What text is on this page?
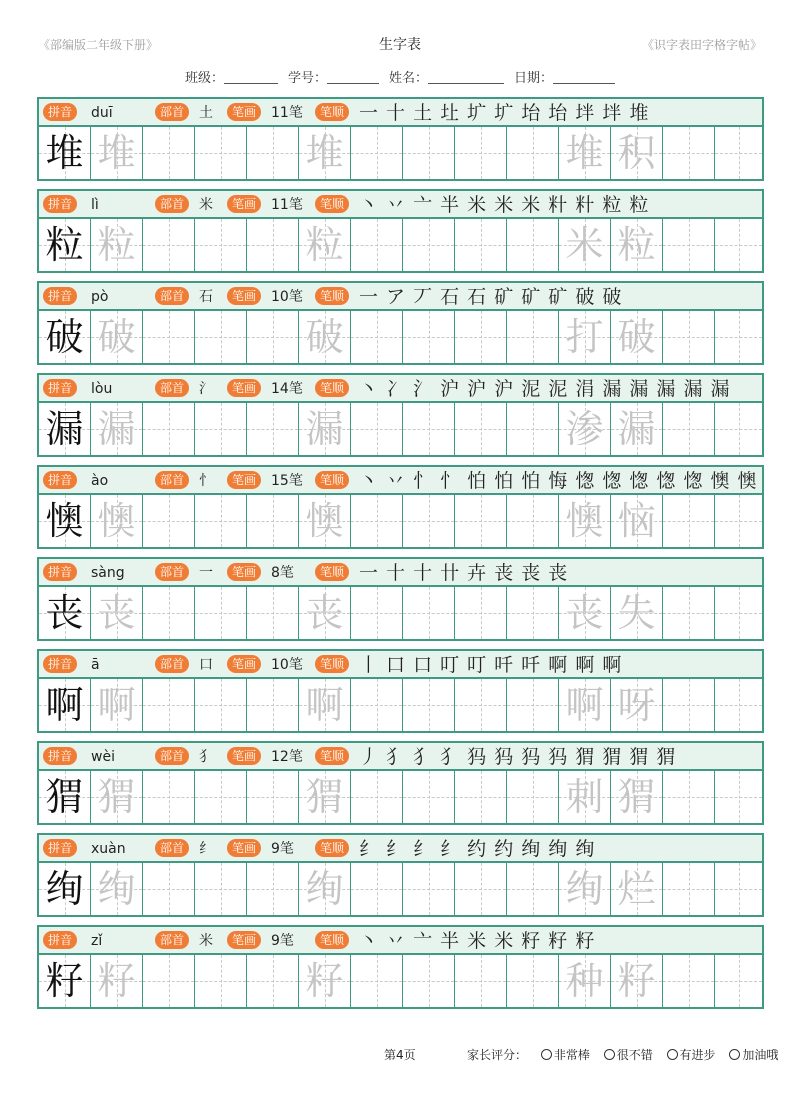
《部编版二年级下册》	生字表	《识字表田字格字帖》
班级：	学号：	姓名：	日期：
拼音	duī	部首	土	笔画	11笔	笔顺 一 十 土 圵 圹 圹 坮 坮 坢 坢 堆
堆 堆	堆	堆 积
拼音	lì	部首	米	笔画	11笔	笔顺 丶 丷 亠 半 米 米 米 籵 籵 粒 粒
粒 粒	粒	米 粒
拼音	pò	部首	石	笔画	10笔	笔顺 一 ア 丆 石 石 矿 矿 矿 破 破
破 破	破	打 破
拼音	lòu	部首	氵	笔画	14笔	笔顺 丶 冫 氵 沪 沪 沪 泥 泥 涓 漏 漏 漏 漏 漏
漏 漏	漏	渗 漏
拼音	ào	部首	忄	笔画	15笔	笔顺 丶 丷 忄 忄 怕 怕 怕 悔 愡 愡 愡 愡 愡 懊 懊
懊 懊	懊	懊 恼
拼音	sàng	部首	一	笔画	8笔	笔顺 一 十 十 卄 卉 丧 丧 丧
丧 丧	丧	丧 失
拼音	ā	部首	口	笔画	10笔	笔顺 丨 口 口 叮 叮 吀 吀 啊 啊 啊
啊 啊	啊	啊 呀
拼音	wèi	部首	犭	笔画	12笔	笔顺 丿 犭 犭 犭 犸 犸 犸 犸 猬 猬 猬 猬
猬 猬	猬	刺 猬
拼音	xuàn	部首	纟	笔画	9笔	笔顺 纟 纟 纟 纟 约 约 绚 绚 绚
绚 绚	绚	绚 烂
拼音	zǐ	部首	米	笔画	9笔	笔顺 丶 丷 亠 半 米 米 籽 籽 籽
籽 籽	籽	种 籽
第4页	家长评分： 非常棒 很不错 有进步 加油哦
